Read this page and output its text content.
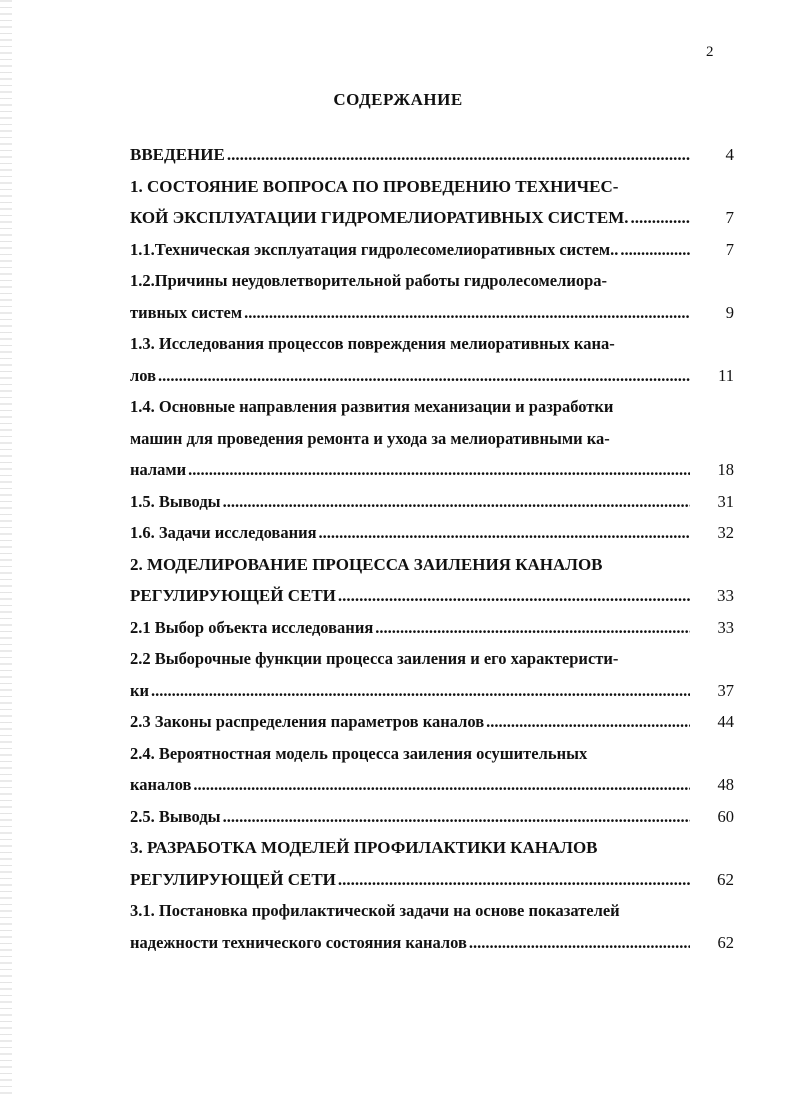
2
СОДЕРЖАНИЕ
ВВЕДЕНИЕ .....	4
1. СОСТОЯНИЕ ВОПРОСА ПО ПРОВЕДЕНИЮ ТЕХНИЧЕС-
КОЙ ЭКСПЛУАТАЦИИ ГИДРОМЕЛИОРАТИВНЫХ СИСТЕМ. .....	7
1.1.Техническая эксплуатация гидролесомелиоративных систем.. .....	7
1.2.Причины неудовлетворительной работы гидролесомелиора-
тивных систем .....	9
1.3. Исследования процессов повреждения мелиоративных кана-
лов .....	11
1.4. Основные направления развития механизации и разработки
машин для проведения ремонта и ухода за мелиоративными ка-
налами .....	18
1.5. Выводы .....	31
1.6. Задачи исследования .....	32
2. МОДЕЛИРОВАНИЕ ПРОЦЕССА ЗАИЛЕНИЯ КАНАЛОВ
РЕГУЛИРУЮЩЕЙ СЕТИ .....	33
2.1 Выбор объекта исследования .....	33
2.2 Выборочные функции процесса заиления и его характеристи-
ки .....	37
2.3 Законы распределения параметров каналов .....	44
2.4. Вероятностная модель процесса заиления осушительных
каналов .....	48
2.5. Выводы .....	60
3. РАЗРАБОТКА МОДЕЛЕЙ ПРОФИЛАКТИКИ КАНАЛОВ
РЕГУЛИРУЮЩЕЙ СЕТИ .....	62
3.1. Постановка профилактической задачи на основе показателей
надежности технического состояния каналов .....	62
